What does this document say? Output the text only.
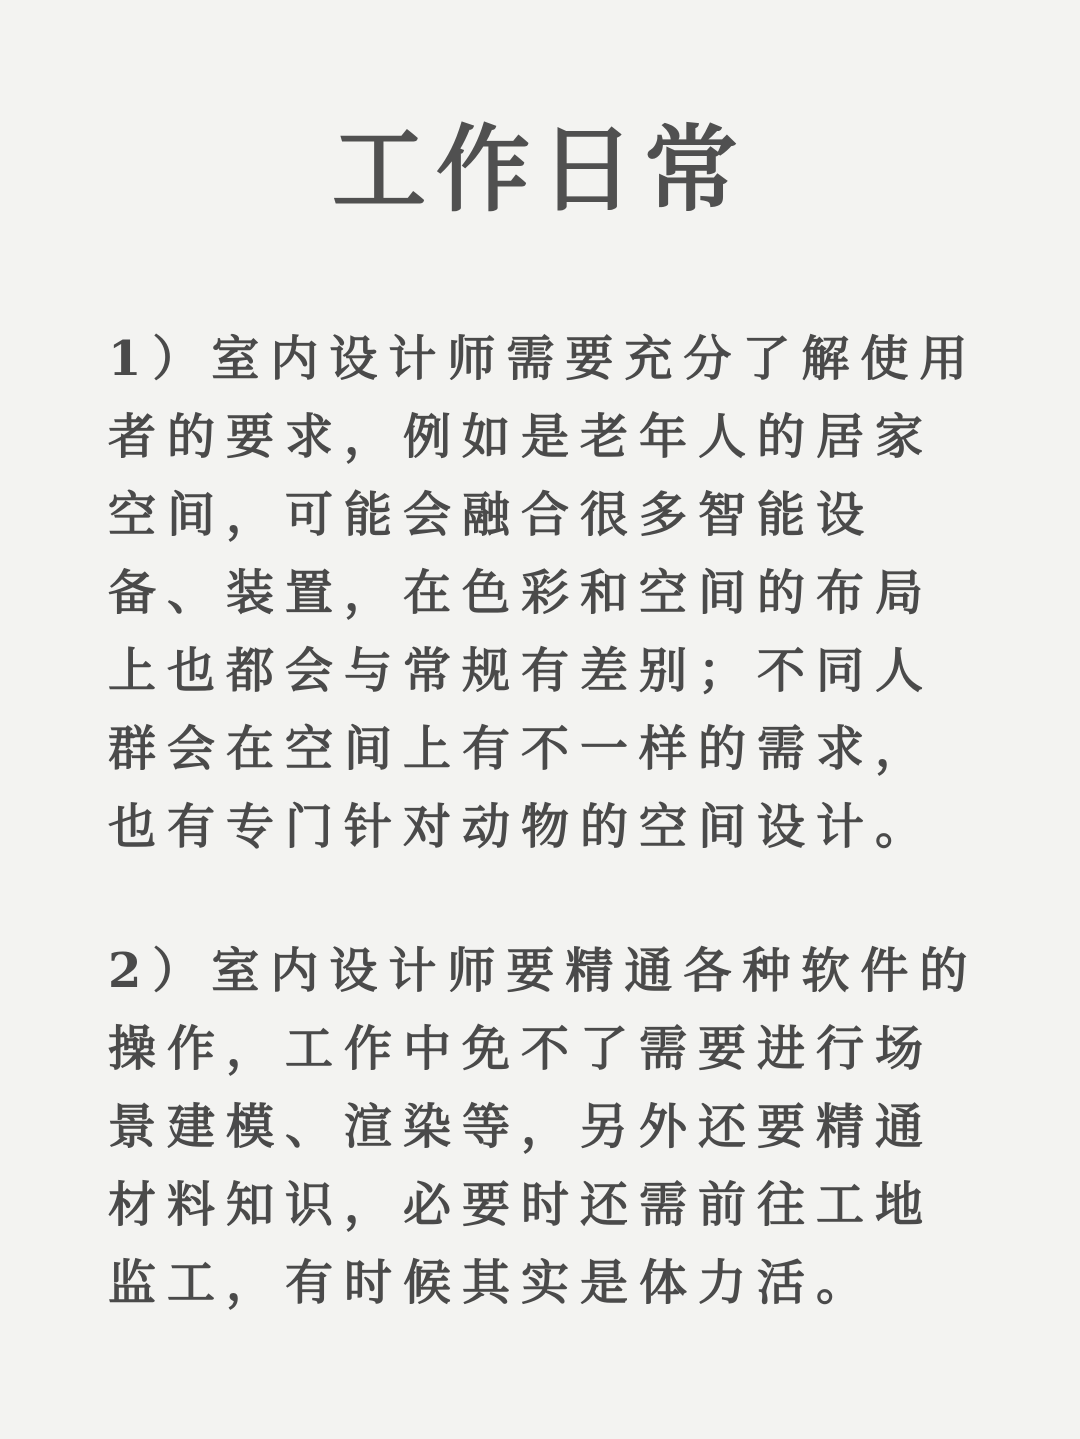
工作日常
1）室内设计师需要充分了解使用
者的要求，例如是老年人的居家
空间，可能会融合很多智能设
备、装置，在色彩和空间的布局
上也都会与常规有差别；不同人
群会在空间上有不一样的需求，
也有专门针对动物的空间设计。
2）室内设计师要精通各种软件的
操作，工作中免不了需要进行场
景建模、渲染等，另外还要精通
材料知识，必要时还需前往工地
监工，有时候其实是体力活。
